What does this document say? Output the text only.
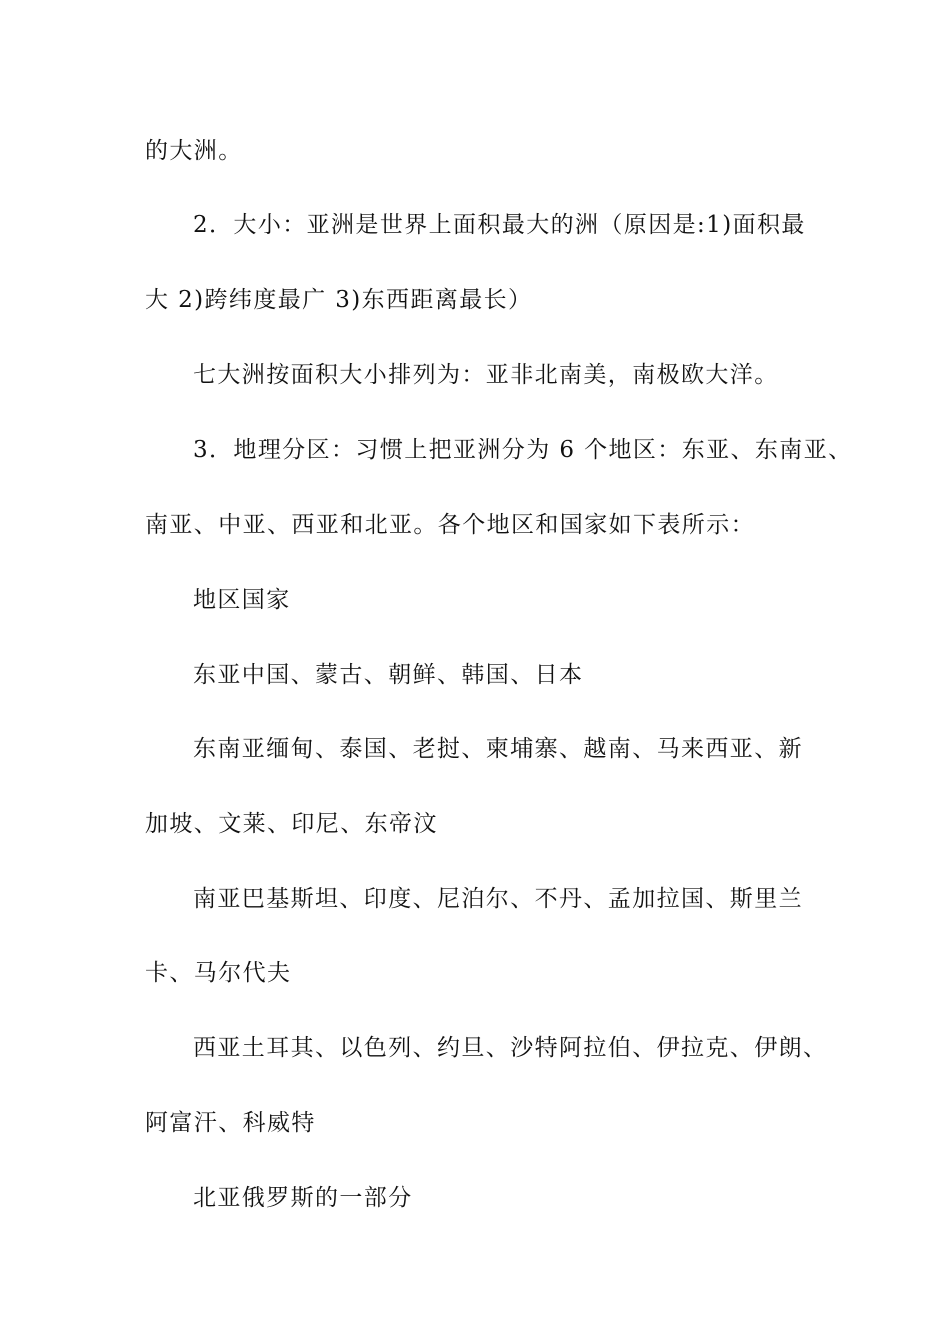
的大洲。
2．大小：亚洲是世界上面积最大的洲（原因是:1)面积最
大 2)跨纬度最广 3)东西距离最长）
七大洲按面积大小排列为：亚非北南美，南极欧大洋。
3．地理分区：习惯上把亚洲分为 6 个地区：东亚、东南亚、
南亚、中亚、西亚和北亚。各个地区和国家如下表所示：
地区国家
东亚中国、蒙古、朝鲜、韩国、日本
东南亚缅甸、泰国、老挝、柬埔寨、越南、马来西亚、新
加坡、文莱、印尼、东帝汶
南亚巴基斯坦、印度、尼泊尔、不丹、孟加拉国、斯里兰
卡、马尔代夫
西亚土耳其、以色列、约旦、沙特阿拉伯、伊拉克、伊朗、
阿富汗、科威特
北亚俄罗斯的一部分
